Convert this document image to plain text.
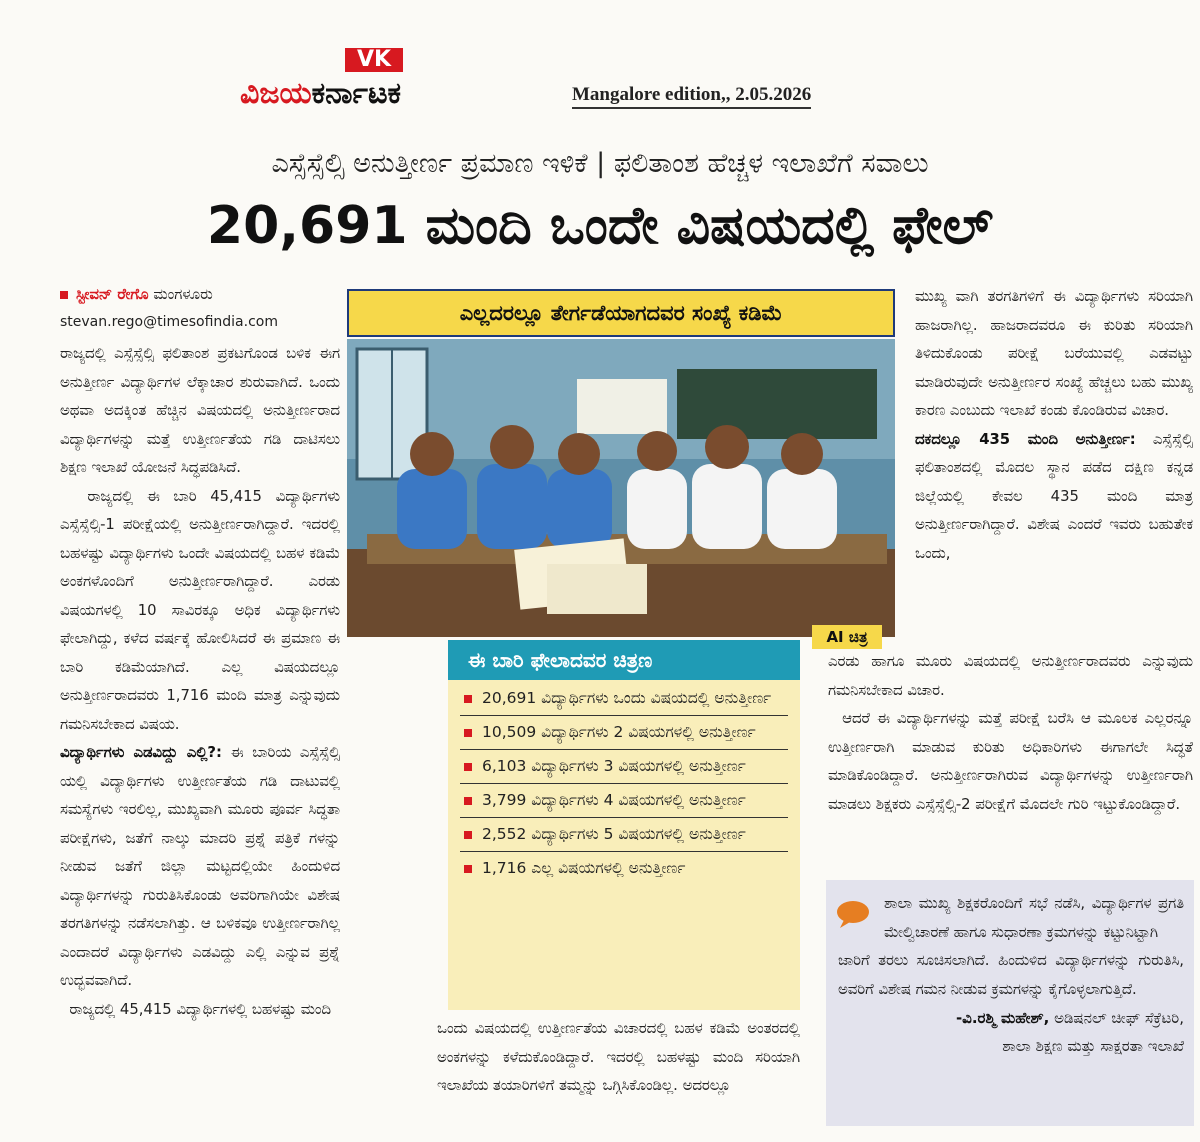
VK
ವಿಜಯಕರ್ನಾಟಕ	Mangalore edition,, 2.05.2026
ಎಸ್ಸೆಸ್ಸೆಲ್ಸಿ ಅನುತ್ತೀರ್ಣ ಪ್ರಮಾಣ ಇಳಿಕೆ | ಫಲಿತಾಂಶ ಹೆಚ್ಚಳ ಇಲಾಖೆಗೆ ಸವಾಲು
20,691 ಮಂದಿ ಒಂದೇ ವಿಷಯದಲ್ಲಿ ಫೇಲ್
ಸ್ಟೀವನ್ ರೇಗೊ ಮಂಗಳೂರು
stevan.rego@timesofindia.com

ರಾಜ್ಯದಲ್ಲಿ ಎಸ್ಸೆಸ್ಸೆಲ್ಸಿ ಫಲಿತಾಂಶ ಪ್ರಕಟಗೊಂಡ ಬಳಿಕ ಈಗ ಅನುತ್ತೀರ್ಣ ವಿದ್ಯಾರ್ಥಿಗಳ ಲೆಕ್ಕಾಚಾರ ಶುರುವಾಗಿದೆ. ಒಂದು ಅಥವಾ ಅದಕ್ಕಿಂತ ಹೆಚ್ಚಿನ ವಿಷಯದಲ್ಲಿ ಅನುತ್ತೀರ್ಣರಾದ ವಿದ್ಯಾರ್ಥಿಗಳನ್ನು ಮತ್ತೆ ಉತ್ತೀರ್ಣತೆಯ ಗಡಿ ದಾಟಿಸಲು ಶಿಕ್ಷಣ ಇಲಾಖೆ ಯೋಜನೆ ಸಿದ್ಧಪಡಿಸಿದೆ.

ರಾಜ್ಯದಲ್ಲಿ ಈ ಬಾರಿ 45,415 ವಿದ್ಯಾರ್ಥಿಗಳು ಎಸ್ಸೆಸ್ಸೆಲ್ಸಿ-1 ಪರೀಕ್ಷೆಯಲ್ಲಿ ಅನುತ್ತೀರ್ಣರಾಗಿದ್ದಾರೆ. ಇದರಲ್ಲಿ ಬಹಳಷ್ಟು ವಿದ್ಯಾರ್ಥಿಗಳು ಒಂದೇ ವಿಷಯದಲ್ಲಿ ಬಹಳ ಕಡಿಮೆ ಅಂಕಗಳೊಂದಿಗೆ ಅನುತ್ತೀರ್ಣರಾಗಿದ್ದಾರೆ. ಎರಡು ವಿಷಯಗಳಲ್ಲಿ 10 ಸಾವಿರಕ್ಕೂ ಅಧಿಕ ವಿದ್ಯಾರ್ಥಿಗಳು ಫೇಲಾಗಿದ್ದು, ಕಳೆದ ವರ್ಷಕ್ಕೆ ಹೋಲಿಸಿದರೆ ಈ ಪ್ರಮಾಣ ಈ ಬಾರಿ ಕಡಿಮೆಯಾಗಿದೆ. ಎಲ್ಲ ವಿಷಯದಲ್ಲೂ ಅನುತ್ತೀರ್ಣರಾದವರು 1,716 ಮಂದಿ ಮಾತ್ರ ಎನ್ನುವುದು ಗಮನಿಸಬೇಕಾದ ವಿಷಯ.

ವಿದ್ಯಾರ್ಥಿಗಳು ಎಡವಿದ್ದು ಎಲ್ಲಿ?: ಈ ಬಾರಿಯ ಎಸ್ಸೆಸ್ಸೆಲ್ಸಿ ಯಲ್ಲಿ ವಿದ್ಯಾರ್ಥಿಗಳು ಉತ್ತೀರ್ಣತೆಯ ಗಡಿ ದಾಟುವಲ್ಲಿ ಸಮಸ್ಯೆಗಳು ಇರಲಿಲ್ಲ, ಮುಖ್ಯವಾಗಿ ಮೂರು ಪೂರ್ವ ಸಿದ್ಧತಾ ಪರೀಕ್ಷೆಗಳು, ಜತೆಗೆ ನಾಲ್ಕು ಮಾದರಿ ಪ್ರಶ್ನೆ ಪತ್ರಿಕೆ ಗಳನ್ನು ನೀಡುವ ಜತೆಗೆ ಜಿಲ್ಲಾ ಮಟ್ಟದಲ್ಲಿಯೇ ಹಿಂದುಳಿದ ವಿದ್ಯಾರ್ಥಿಗಳನ್ನು ಗುರುತಿಸಿಕೊಂಡು ಅವರಿಗಾಗಿಯೇ ವಿಶೇಷ ತರಗತಿಗಳನ್ನು ನಡೆಸಲಾಗಿತ್ತು. ಆ ಬಳಿಕವೂ ಉತ್ತೀರ್ಣರಾಗಿಲ್ಲ ಎಂದಾದರೆ ವಿದ್ಯಾರ್ಥಿಗಳು ಎಡವಿದ್ದು ಎಲ್ಲಿ ಎನ್ನುವ ಪ್ರಶ್ನೆ ಉದ್ಭವವಾಗಿದೆ.

ರಾಜ್ಯದಲ್ಲಿ 45,415 ವಿದ್ಯಾರ್ಥಿಗಳಲ್ಲಿ ಬಹಳಷ್ಟು ಮಂದಿ

ಎಲ್ಲದರಲ್ಲೂ ತೇರ್ಗಡೆಯಾಗದವರ ಸಂಖ್ಯೆ ಕಡಿಮೆ
AI ಚಿತ್ರ
ಈ ಬಾರಿ ಫೇಲಾದವರ ಚಿತ್ರಣ
20,691 ವಿದ್ಯಾರ್ಥಿಗಳು ಒಂದು ವಿಷಯದಲ್ಲಿ ಅನುತ್ತೀರ್ಣ
10,509 ವಿದ್ಯಾರ್ಥಿಗಳು 2 ವಿಷಯಗಳಲ್ಲಿ ಅನುತ್ತೀರ್ಣ
6,103 ವಿದ್ಯಾರ್ಥಿಗಳು 3 ವಿಷಯಗಳಲ್ಲಿ ಅನುತ್ತೀರ್ಣ
3,799 ವಿದ್ಯಾರ್ಥಿಗಳು 4 ವಿಷಯಗಳಲ್ಲಿ ಅನುತ್ತೀರ್ಣ
2,552 ವಿದ್ಯಾರ್ಥಿಗಳು 5 ವಿಷಯಗಳಲ್ಲಿ ಅನುತ್ತೀರ್ಣ
1,716 ಎಲ್ಲ ವಿಷಯಗಳಲ್ಲಿ ಅನುತ್ತೀರ್ಣ

ಒಂದು ವಿಷಯದಲ್ಲಿ ಉತ್ತೀರ್ಣತೆಯ ವಿಚಾರದಲ್ಲಿ ಬಹಳ ಕಡಿಮೆ ಅಂತರದಲ್ಲಿ ಅಂಕಗಳನ್ನು ಕಳೆದುಕೊಂಡಿದ್ದಾರೆ. ಇದರಲ್ಲಿ ಬಹಳಷ್ಟು ಮಂದಿ ಸರಿಯಾಗಿ ಇಲಾಖೆಯ ತಯಾರಿಗಳಿಗೆ ತಮ್ಮನ್ನು ಒಗ್ಗಿಸಿಕೊಂಡಿಲ್ಲ. ಅದರಲ್ಲೂ

ಮುಖ್ಯ ವಾಗಿ ತರಗತಿಗಳಿಗೆ ಈ ವಿದ್ಯಾರ್ಥಿಗಳು ಸರಿಯಾಗಿ ಹಾಜರಾಗಿಲ್ಲ. ಹಾಜರಾದವರೂ ಈ ಕುರಿತು ಸರಿಯಾಗಿ ತಿಳಿದುಕೊಂಡು ಪರೀಕ್ಷೆ ಬರೆಯುವಲ್ಲಿ ಎಡವಟ್ಟು ಮಾಡಿರುವುದೇ ಅನುತ್ತೀರ್ಣರ ಸಂಖ್ಯೆ ಹೆಚ್ಚಲು ಬಹು ಮುಖ್ಯ ಕಾರಣ ಎಂಬುದು ಇಲಾಖೆ ಕಂಡು ಕೊಂಡಿರುವ ವಿಚಾರ.

ದಕದಲ್ಲೂ 435 ಮಂದಿ ಅನುತ್ತೀರ್ಣ: ಎಸ್ಸೆಸ್ಸೆಲ್ಸಿ ಫಲಿತಾಂಶದಲ್ಲಿ ಮೊದಲ ಸ್ಥಾನ ಪಡೆದ ದಕ್ಷಿಣ ಕನ್ನಡ ಜಿಲ್ಲೆಯಲ್ಲಿ ಕೇವಲ 435 ಮಂದಿ ಮಾತ್ರ ಅನುತ್ತೀರ್ಣರಾಗಿದ್ದಾರೆ. ವಿಶೇಷ ಎಂದರೆ ಇವರು ಬಹುತೇಕ ಒಂದು,

ಎರಡು ಹಾಗೂ ಮೂರು ವಿಷಯದಲ್ಲಿ ಅನುತ್ತೀರ್ಣರಾದವರು ಎನ್ನುವುದು ಗಮನಿಸಬೇಕಾದ ವಿಚಾರ.

ಆದರೆ ಈ ವಿದ್ಯಾರ್ಥಿಗಳನ್ನು ಮತ್ತೆ ಪರೀಕ್ಷೆ ಬರೆಸಿ ಆ ಮೂಲಕ ಎಲ್ಲರನ್ನೂ ಉತ್ತೀರ್ಣರಾಗಿ ಮಾಡುವ ಕುರಿತು ಅಧಿಕಾರಿಗಳು ಈಗಾಗಲೇ ಸಿದ್ಧತೆ ಮಾಡಿಕೊಂಡಿದ್ದಾರೆ. ಅನುತ್ತೀರ್ಣರಾಗಿರುವ ವಿದ್ಯಾರ್ಥಿಗಳನ್ನು ಉತ್ತೀರ್ಣರಾಗಿ ಮಾಡಲು ಶಿಕ್ಷಕರು ಎಸ್ಸೆಸ್ಸೆಲ್ಸಿ-2 ಪರೀಕ್ಷೆಗೆ ಮೊದಲೇ ಗುರಿ ಇಟ್ಟುಕೊಂಡಿದ್ದಾರೆ.

ಶಾಲಾ ಮುಖ್ಯ ಶಿಕ್ಷಕರೊಂದಿಗೆ ಸಭೆ ನಡೆಸಿ, ವಿದ್ಯಾರ್ಥಿಗಳ ಪ್ರಗತಿ ಮೇಲ್ವಿಚಾರಣೆ ಹಾಗೂ ಸುಧಾರಣಾ ಕ್ರಮಗಳನ್ನು ಕಟ್ಟುನಿಟ್ಟಾಗಿ
ಜಾರಿಗೆ ತರಲು ಸೂಚಿಸಲಾಗಿದೆ. ಹಿಂದುಳಿದ ವಿದ್ಯಾರ್ಥಿಗಳನ್ನು ಗುರುತಿಸಿ, ಅವರಿಗೆ ವಿಶೇಷ ಗಮನ ನೀಡುವ ಕ್ರಮಗಳನ್ನು ಕೈಗೊಳ್ಳಲಾಗುತ್ತಿದೆ.
-ವಿ.ರಶ್ಮಿ ಮಹೇಶ್, ಅಡಿಷನಲ್ ಚೀಫ್ ಸೆಕ್ರೆಟರಿ,
ಶಾಲಾ ಶಿಕ್ಷಣ ಮತ್ತು ಸಾಕ್ಷರತಾ ಇಲಾಖೆ
